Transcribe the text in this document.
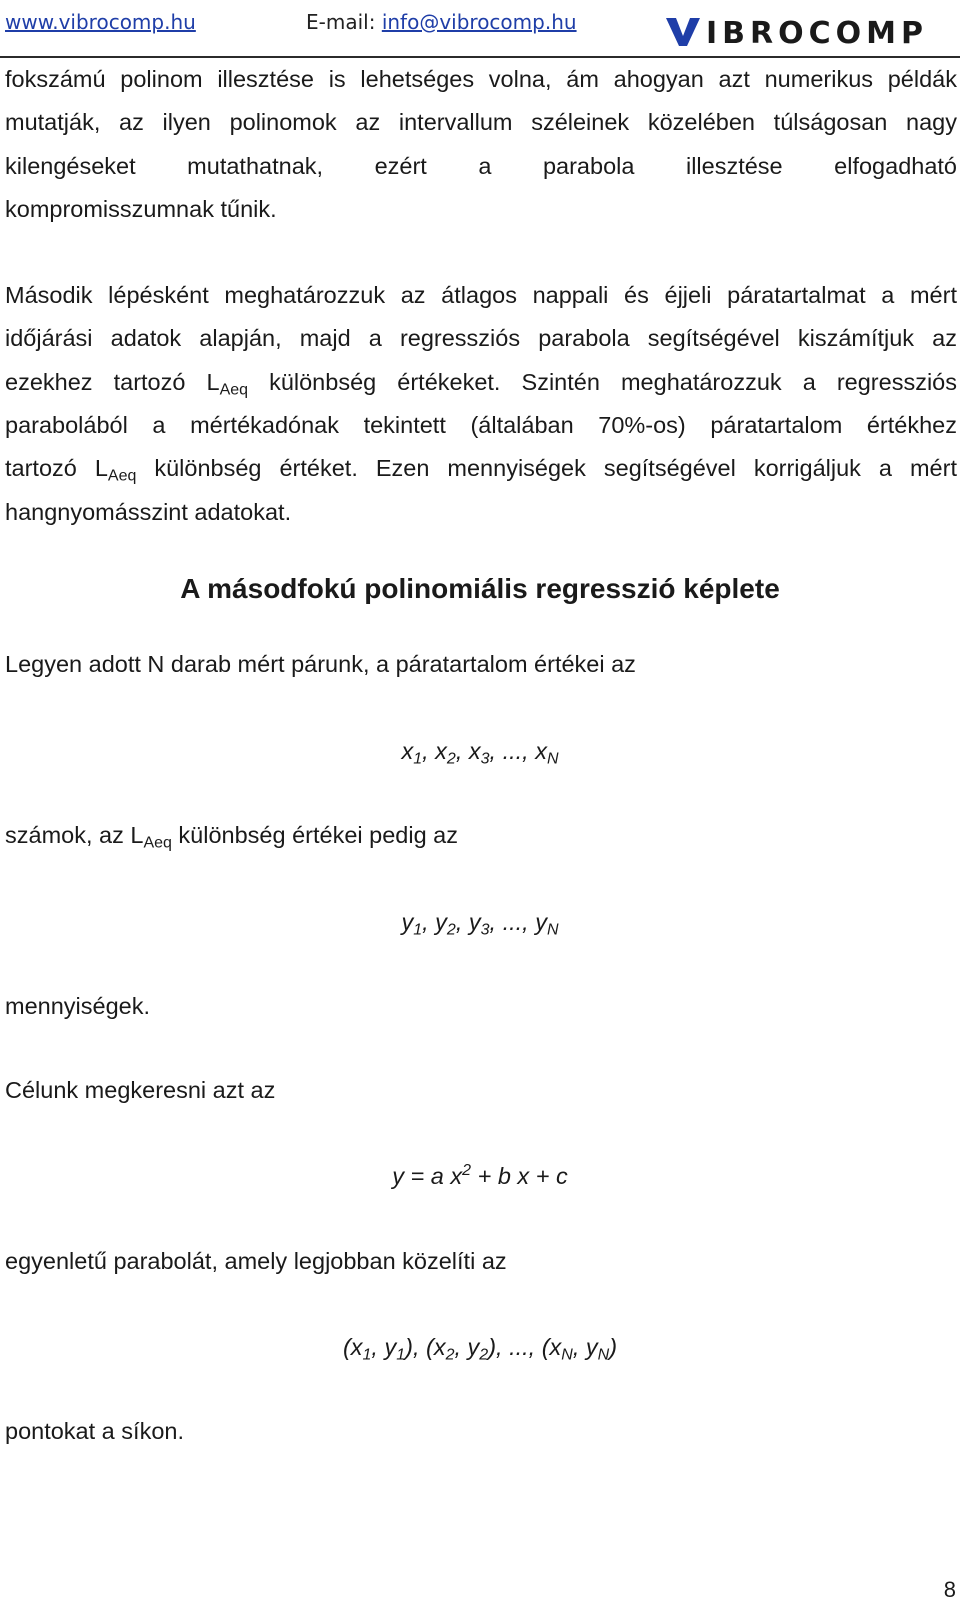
www.vibrocomp.hu	E-mail: info@vibrocomp.hu	IBROCOMP

fokszámú polinom illesztése is lehetséges volna, ám ahogyan azt numerikus példák

mutatják, az ilyen polinomok az intervallum széleinek közelében túlságosan nagy

kilengéseket mutathatnak, ezért a parabola illesztése elfogadható

kompromisszumnak tűnik.

Második lépésként meghatározzuk az átlagos nappali és éjjeli páratartalmat a mért

időjárási adatok alapján, majd a regressziós parabola segítségével kiszámítjuk az

ezekhez tartozó $L_{Aeq}$ különbség értékeket. Szintén meghatározzuk a regressziós

parabolából a mértékadónak tekintett (általában 70%-os) páratartalom értékhez

tartozó $L_{Aeq}$ különbség értéket. Ezen mennyiségek segítségével korrigáljuk a mért

hangnyomásszint adatokat.

A másodfokú polinomiális regresszió képlete
Legyen adott N darab mért párunk, a páratartalom értékei az
$x_1$, $x_2$, $x_3$, ..., $x_N$
számok, az $L_{Aeq}$ különbség értékei pedig az
$y_1$, $y_2$, $y_3$, ..., $y_N$
mennyiségek.
Célunk megkeresni azt az
y = a $x^2 + b$ x + c
egyenletű parabolát, amely legjobban közelíti az
($x_1$, $y_1$), ($x_2$, $y_2$), ..., ($x_N$, $y_N$)
pontokat a síkon.
8
